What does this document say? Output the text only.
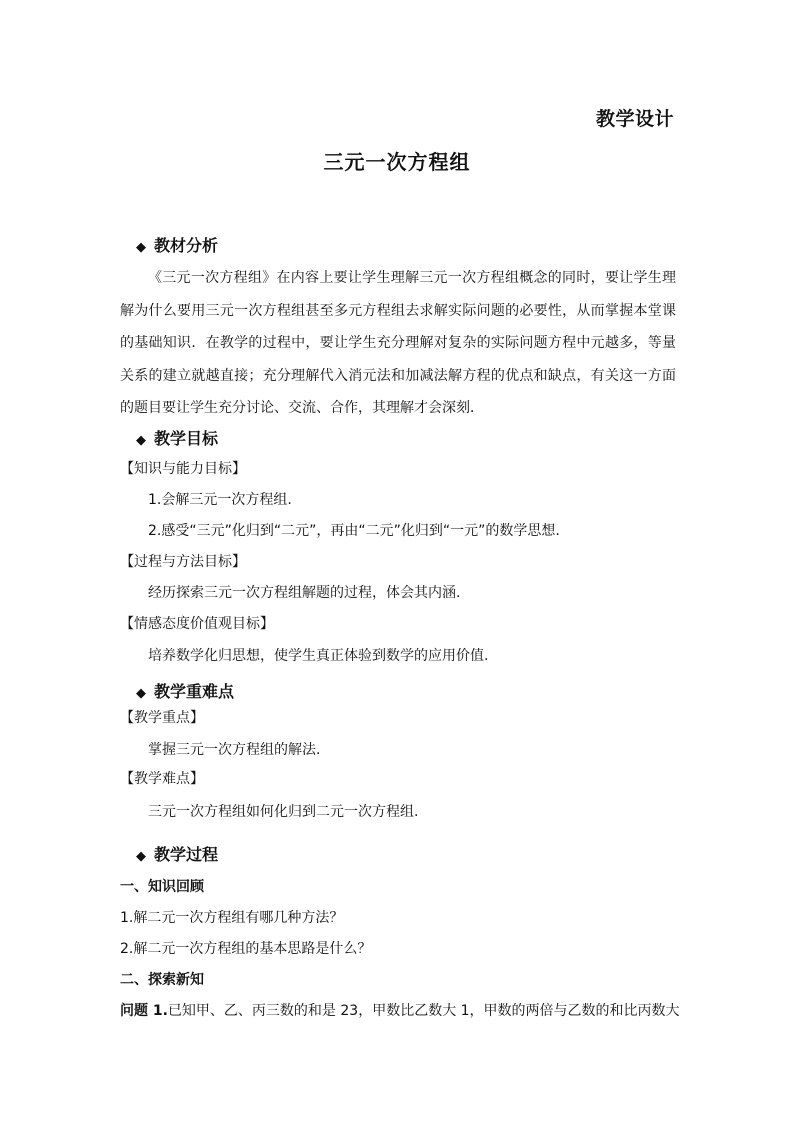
教学设计
三元一次方程组
◆ 教材分析
《三元一次方程组》在内容上要让学生理解三元一次方程组概念的同时，要让学生理解为什么要用三元一次方程组甚至多元方程组去求解实际问题的必要性，从而掌握本堂课的基础知识．在教学的过程中，要让学生充分理解对复杂的实际问题方程中元越多，等量关系的建立就越直接；充分理解代入消元法和加减法解方程的优点和缺点，有关这一方面的题目要让学生充分讨论、交流、合作，其理解才会深刻．
◆ 教学目标
【知识与能力目标】
1.会解三元一次方程组.
2.感受“三元”化归到“二元”，再由“二元”化归到“一元”的数学思想.
【过程与方法目标】
经历探索三元一次方程组解题的过程，体会其内涵.
【情感态度价值观目标】
培养数学化归思想，使学生真正体验到数学的应用价值.
◆ 教学重难点
【教学重点】
掌握三元一次方程组的解法.
【教学难点】
三元一次方程组如何化归到二元一次方程组.
◆ 教学过程
一、知识回顾
1.解二元一次方程组有哪几种方法？
2.解二元一次方程组的基本思路是什么？
二、探索新知
问题 1.已知甲、乙、丙三数的和是 23，甲数比乙数大 1，甲数的两倍与乙数的和比丙数大
